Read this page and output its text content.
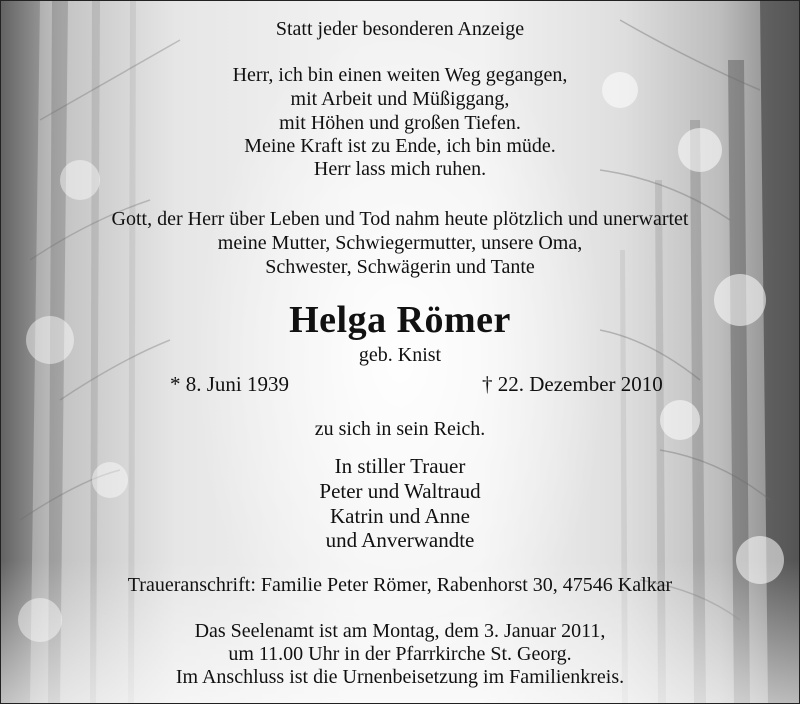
Statt jeder besonderen Anzeige
Herr, ich bin einen weiten Weg gegangen,
mit Arbeit und Müßiggang,
mit Höhen und großen Tiefen.
Meine Kraft ist zu Ende, ich bin müde.
Herr lass mich ruhen.
Gott, der Herr über Leben und Tod nahm heute plötzlich und unerwartet
meine Mutter, Schwiegermutter, unsere Oma,
Schwester, Schwägerin und Tante
Helga Römer
geb. Knist
* 8. Juni 1939	† 22. Dezember 2010
zu sich in sein Reich.
In stiller Trauer
Peter und Waltraud
Katrin und Anne
und Anverwandte
Traueranschrift: Familie Peter Römer, Rabenhorst 30, 47546 Kalkar
Das Seelenamt ist am Montag, dem 3. Januar 2011,
um 11.00 Uhr in der Pfarrkirche St. Georg.
Im Anschluss ist die Urnenbeisetzung im Familienkreis.
